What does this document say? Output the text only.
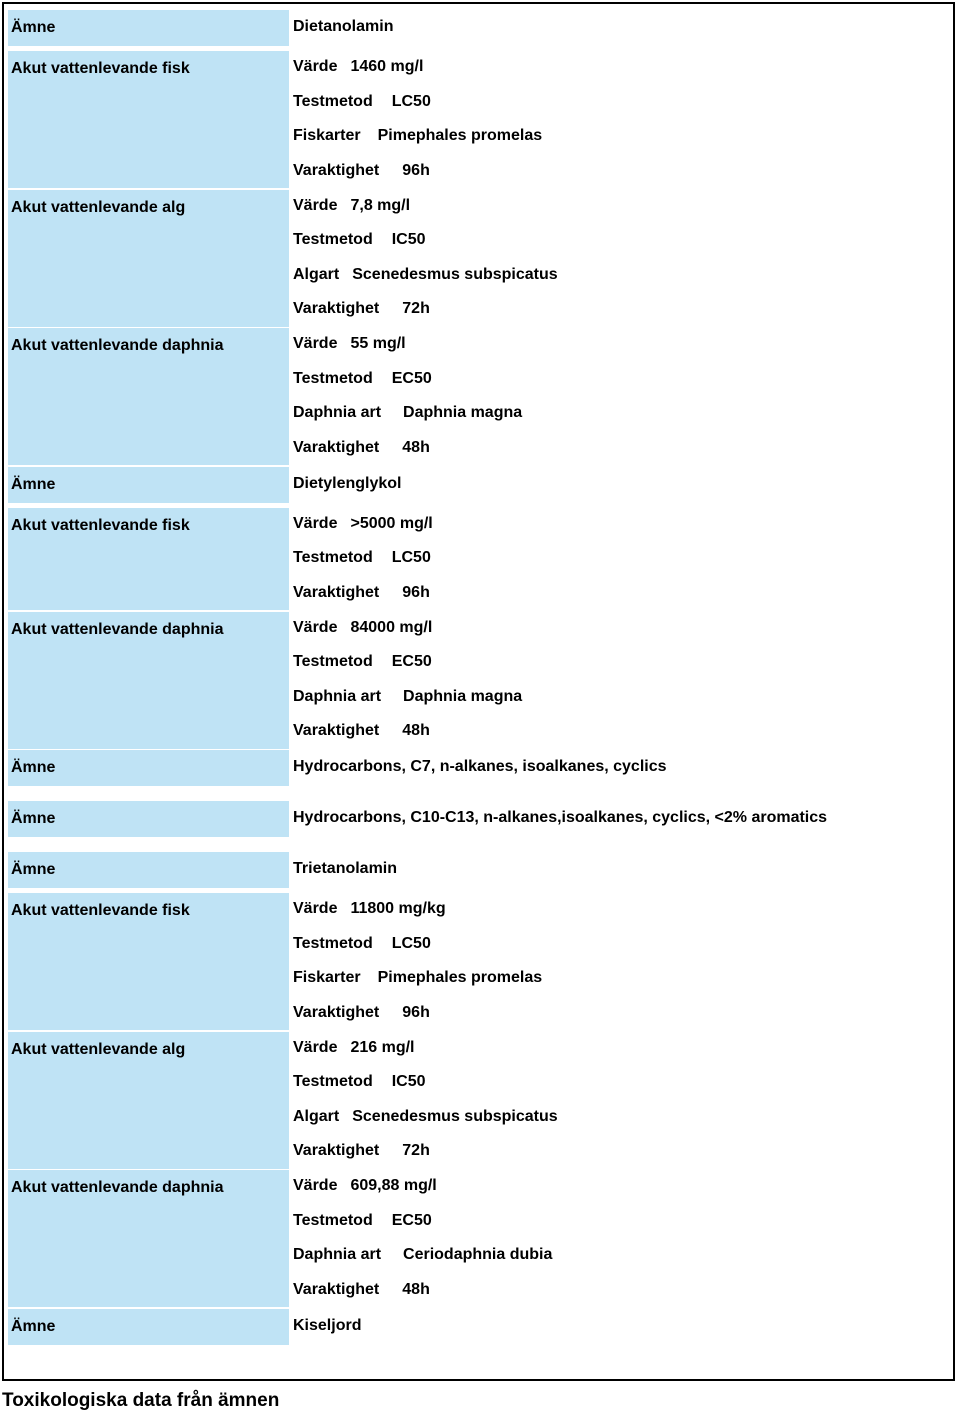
Toxikologiska data från ämnen
Ämne	Dietanolamin
Akut vattenlevande fisk	Värde 1460 mg/l
Testmetod LC50
Fiskarter Pimephales promelas
Varaktighet 96h
Akut vattenlevande alg	Värde 7,8 mg/l
Testmetod IC50
Algart Scenedesmus subspicatus
Varaktighet 72h
Akut vattenlevande daphnia	Värde 55 mg/l
Testmetod EC50
Daphnia art Daphnia magna
Varaktighet 48h
Ämne	Dietylenglykol
Akut vattenlevande fisk	Värde >5000 mg/l
Testmetod LC50
Varaktighet 96h
Akut vattenlevande daphnia	Värde 84000 mg/l
Testmetod EC50
Daphnia art Daphnia magna
Varaktighet 48h
Ämne	Hydrocarbons, C7, n-alkanes, isoalkanes, cyclics
Ämne	Hydrocarbons, C10-C13, n-alkanes,isoalkanes, cyclics, <2% aromatics
Ämne	Trietanolamin
Akut vattenlevande fisk	Värde 11800 mg/kg
Testmetod LC50
Fiskarter Pimephales promelas
Varaktighet 96h
Akut vattenlevande alg	Värde 216 mg/l
Testmetod IC50
Algart Scenedesmus subspicatus
Varaktighet 72h
Akut vattenlevande daphnia	Värde 609,88 mg/l
Testmetod EC50
Daphnia art Ceriodaphnia dubia
Varaktighet 48h
Ämne	Kiseljord
